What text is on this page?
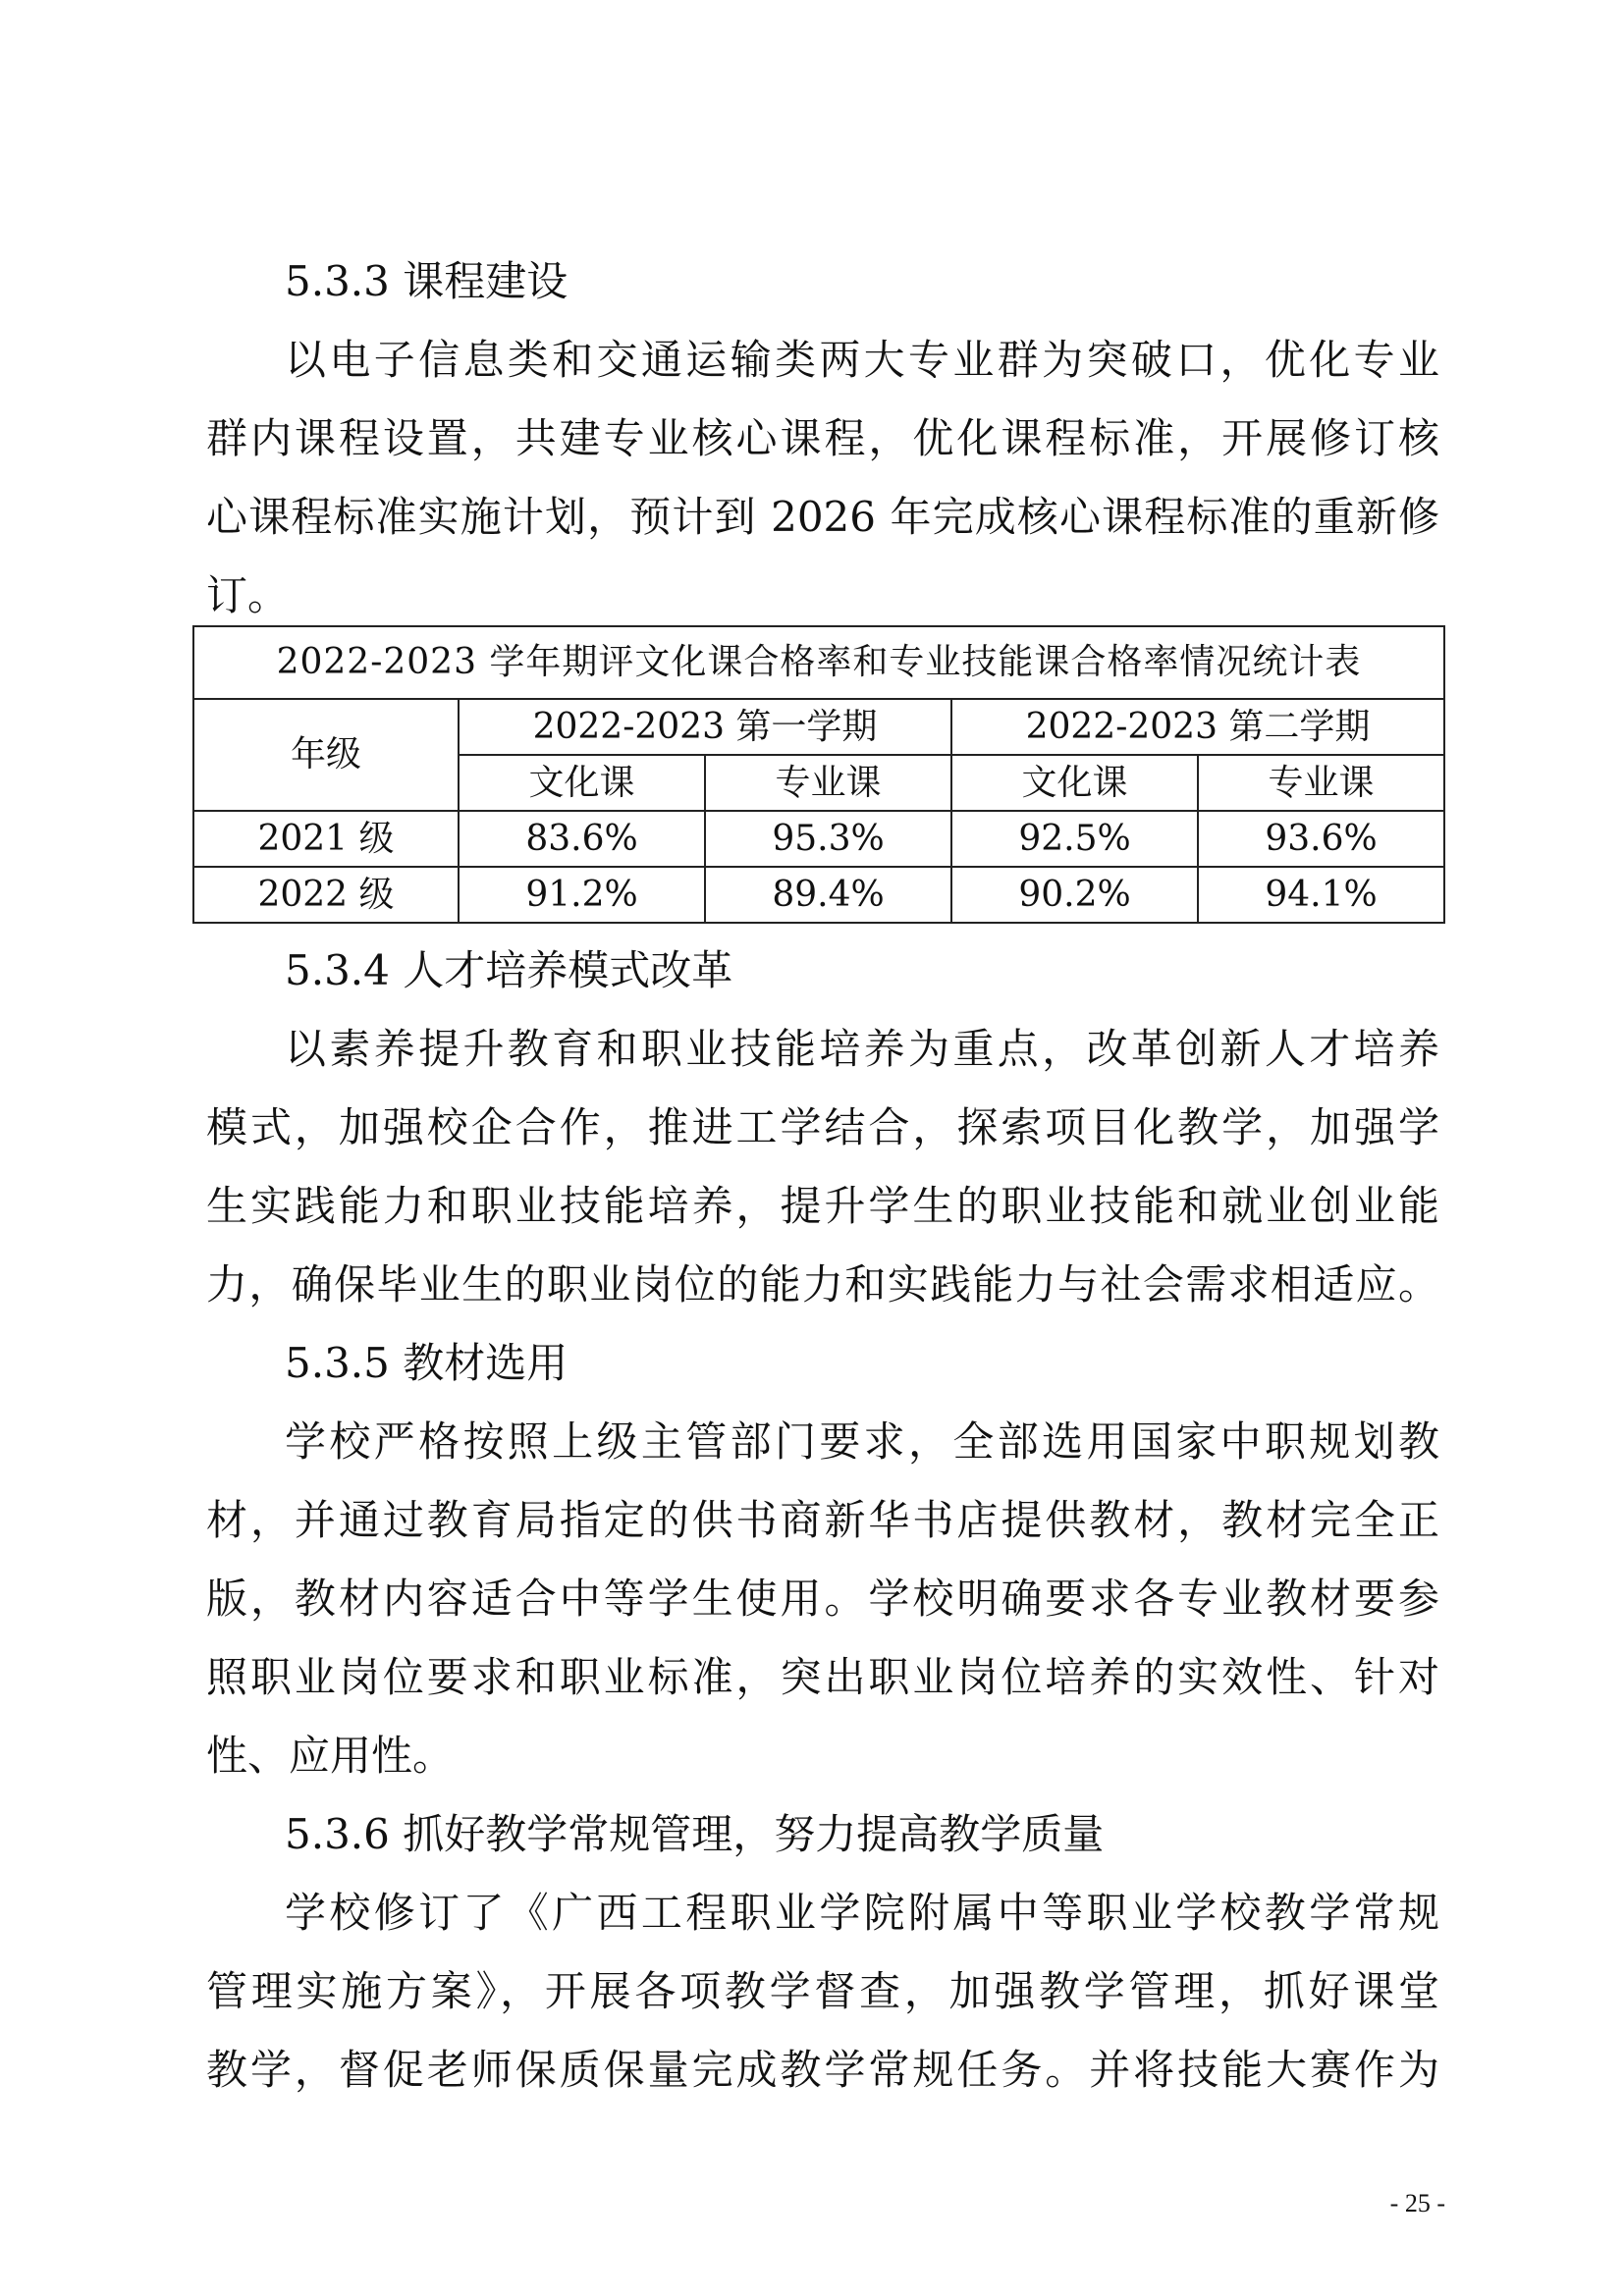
5.3.3 课程建设
以电子信息类和交通运输类两大专业群为突破口，优化专业
群内课程设置，共建专业核心课程，优化课程标准，开展修订核
心课程标准实施计划，预计到 2026 年完成核心课程标准的重新修
订。
2022-2023 学年期评文化课合格率和专业技能课合格率情况统计表				
年级	2022-2023 第一学期		2022-2023 第二学期	
	文化课	专业课	文化课	专业课
2021 级	83.6%	95.3%	92.5%	93.6%
2022 级	91.2%	89.4%	90.2%	94.1%
5.3.4 人才培养模式改革
以素养提升教育和职业技能培养为重点，改革创新人才培养
模式，加强校企合作，推进工学结合，探索项目化教学，加强学
生实践能力和职业技能培养，提升学生的职业技能和就业创业能
力，确保毕业生的职业岗位的能力和实践能力与社会需求相适应。
5.3.5 教材选用
学校严格按照上级主管部门要求，全部选用国家中职规划教
材，并通过教育局指定的供书商新华书店提供教材，教材完全正
版，教材内容适合中等学生使用。学校明确要求各专业教材要参
照职业岗位要求和职业标准，突出职业岗位培养的实效性、针对
性、应用性。
5.3.6 抓好教学常规管理，努力提高教学质量
学校修订了《广西工程职业学院附属中等职业学校教学常规
管理实施方案》，开展各项教学督查，加强教学管理，抓好课堂
教学，督促老师保质保量完成教学常规任务。并将技能大赛作为
- 25 -
